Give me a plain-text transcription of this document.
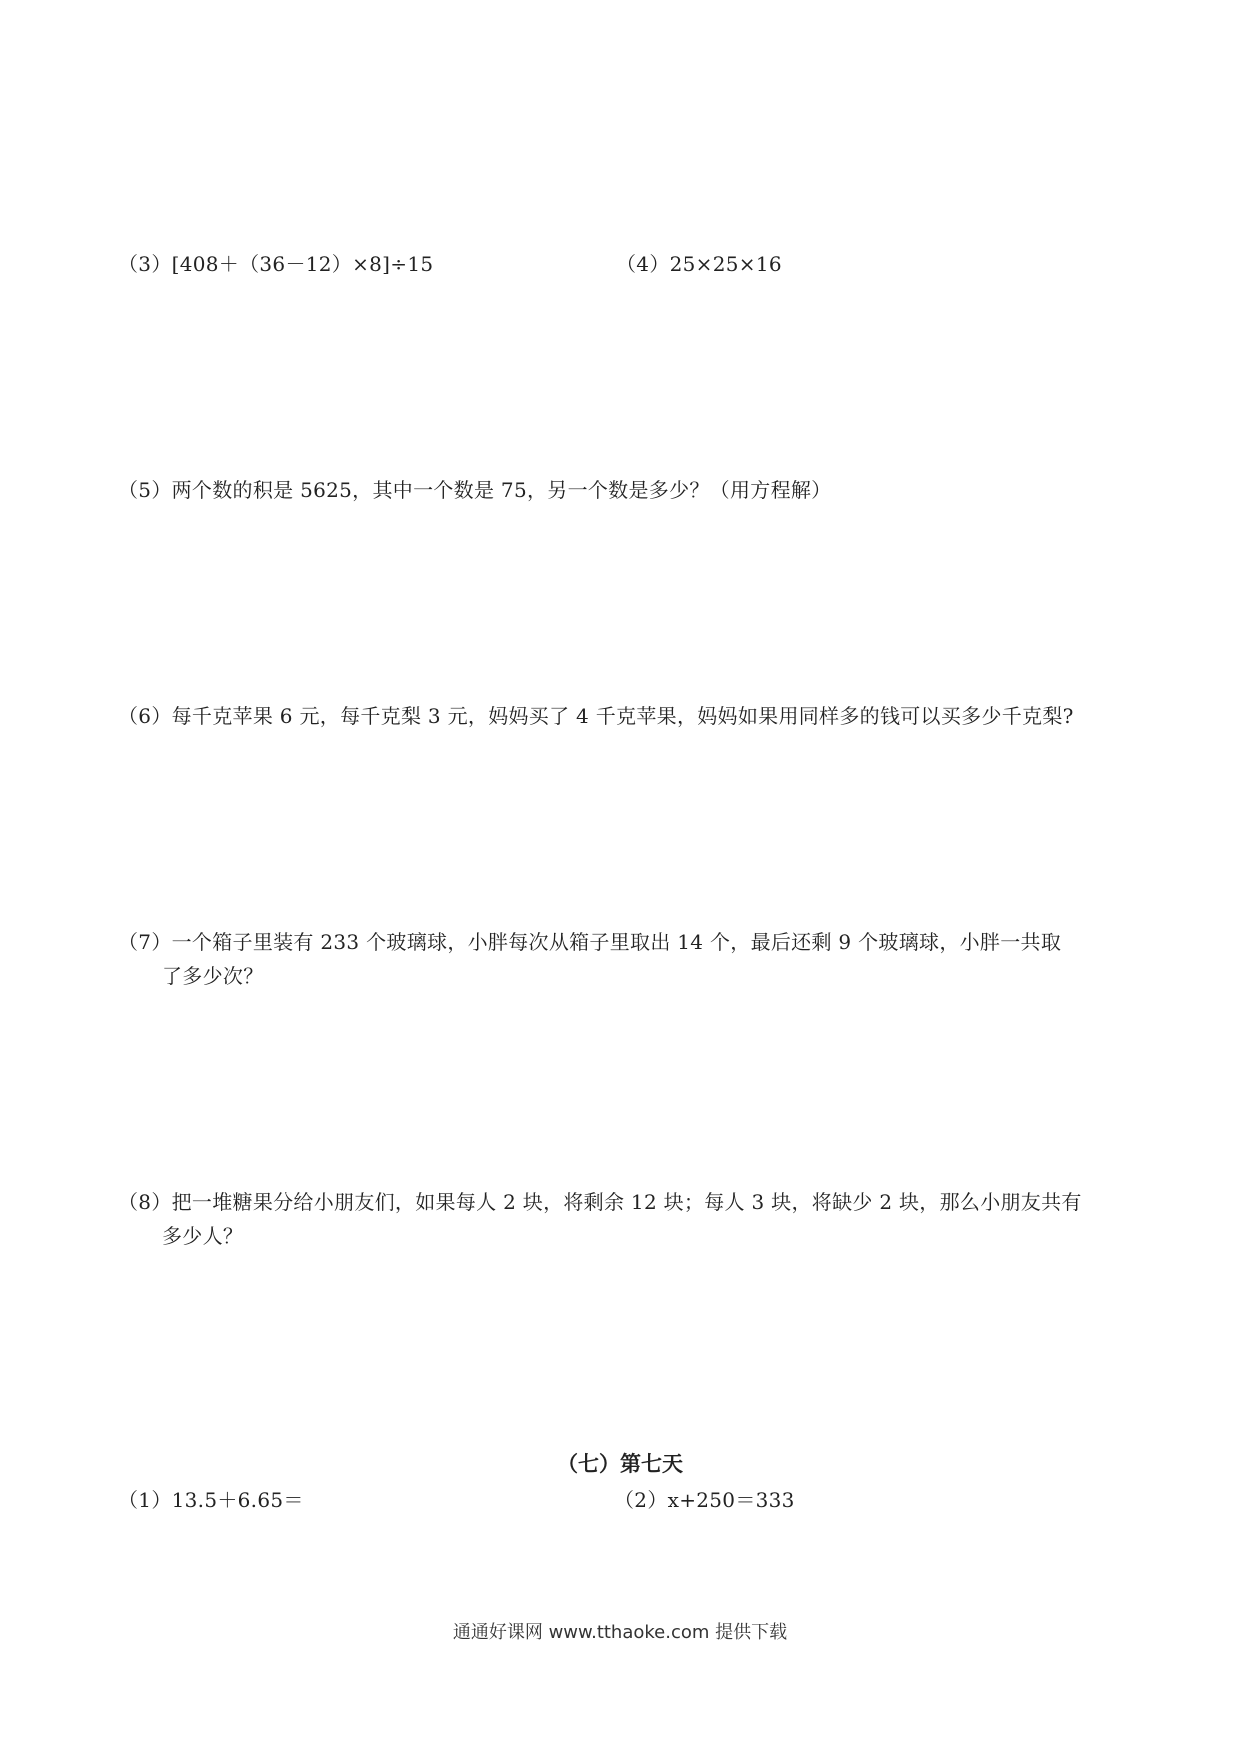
（3）[408＋（36－12）×8]÷15	（4）25×25×16
（5）两个数的积是 5625，其中一个数是 75，另一个数是多少？（用方程解）
（6）每千克苹果 6 元，每千克梨 3 元，妈妈买了 4 千克苹果，妈妈如果用同样多的钱可以买多少千克梨?
（7）一个箱子里装有 233 个玻璃球，小胖每次从箱子里取出 14 个，最后还剩 9 个玻璃球，小胖一共取
了多少次？
（8）把一堆糖果分给小朋友们，如果每人 2 块，将剩余 12 块；每人 3 块，将缺少 2 块，那么小朋友共有
多少人？
（七）第七天
（1）13.5＋6.65＝	（2）x+250＝333
通通好课网 www.tthaoke.com 提供下载
